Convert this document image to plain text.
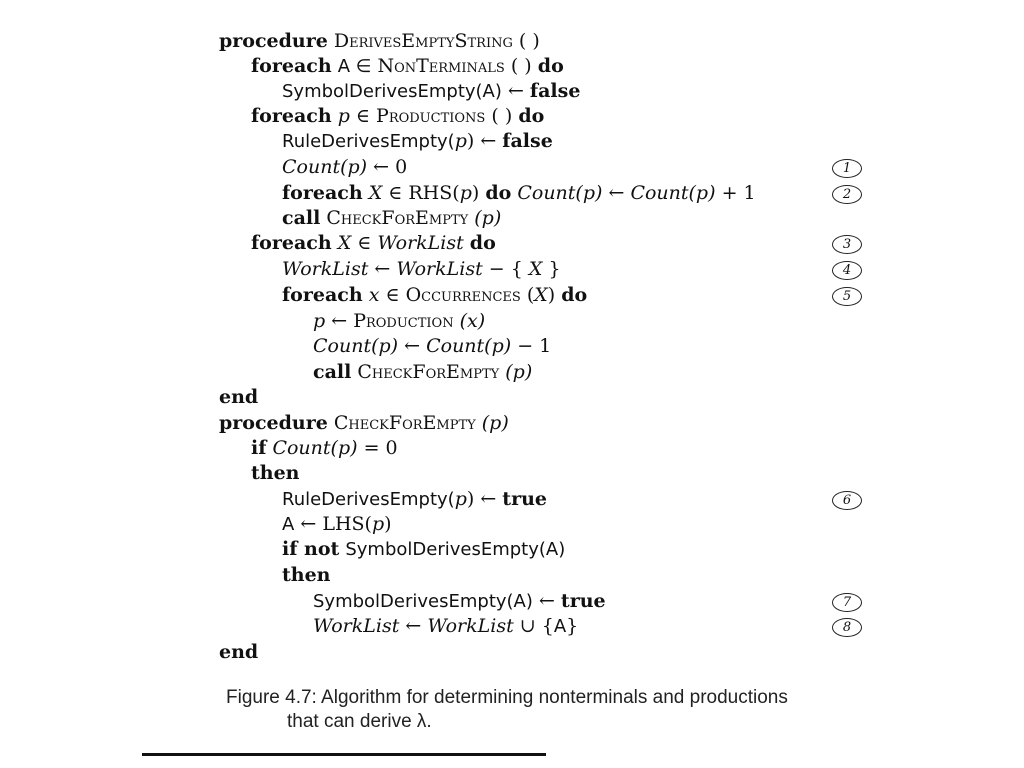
procedure DerivesEmptyString ( )
foreach A ∈ NonTerminals ( ) do
SymbolDerivesEmpty(A) ← false
foreach p ∈ Productions ( ) do
RuleDerivesEmpty(p) ← false
Count(p) ← 0
foreach X ∈ RHS(p) do Count(p) ← Count(p) + 1
call CheckForEmpty (p)
foreach X ∈ WorkList do
WorkList ← WorkList − { X }
foreach x ∈ Occurrences (X) do
p ← Production (x)
Count(p) ← Count(p) − 1
call CheckForEmpty (p)
end
procedure CheckForEmpty (p)
if Count(p) = 0
then
RuleDerivesEmpty(p) ← true
A ← LHS(p)
if not SymbolDerivesEmpty(A)
then
SymbolDerivesEmpty(A) ← true
WorkList ← WorkList ∪ {A}
end
1
2
3
4
5
6
7
8
Figure 4.7: Algorithm for determining nonterminals and productions
that can derive λ.
